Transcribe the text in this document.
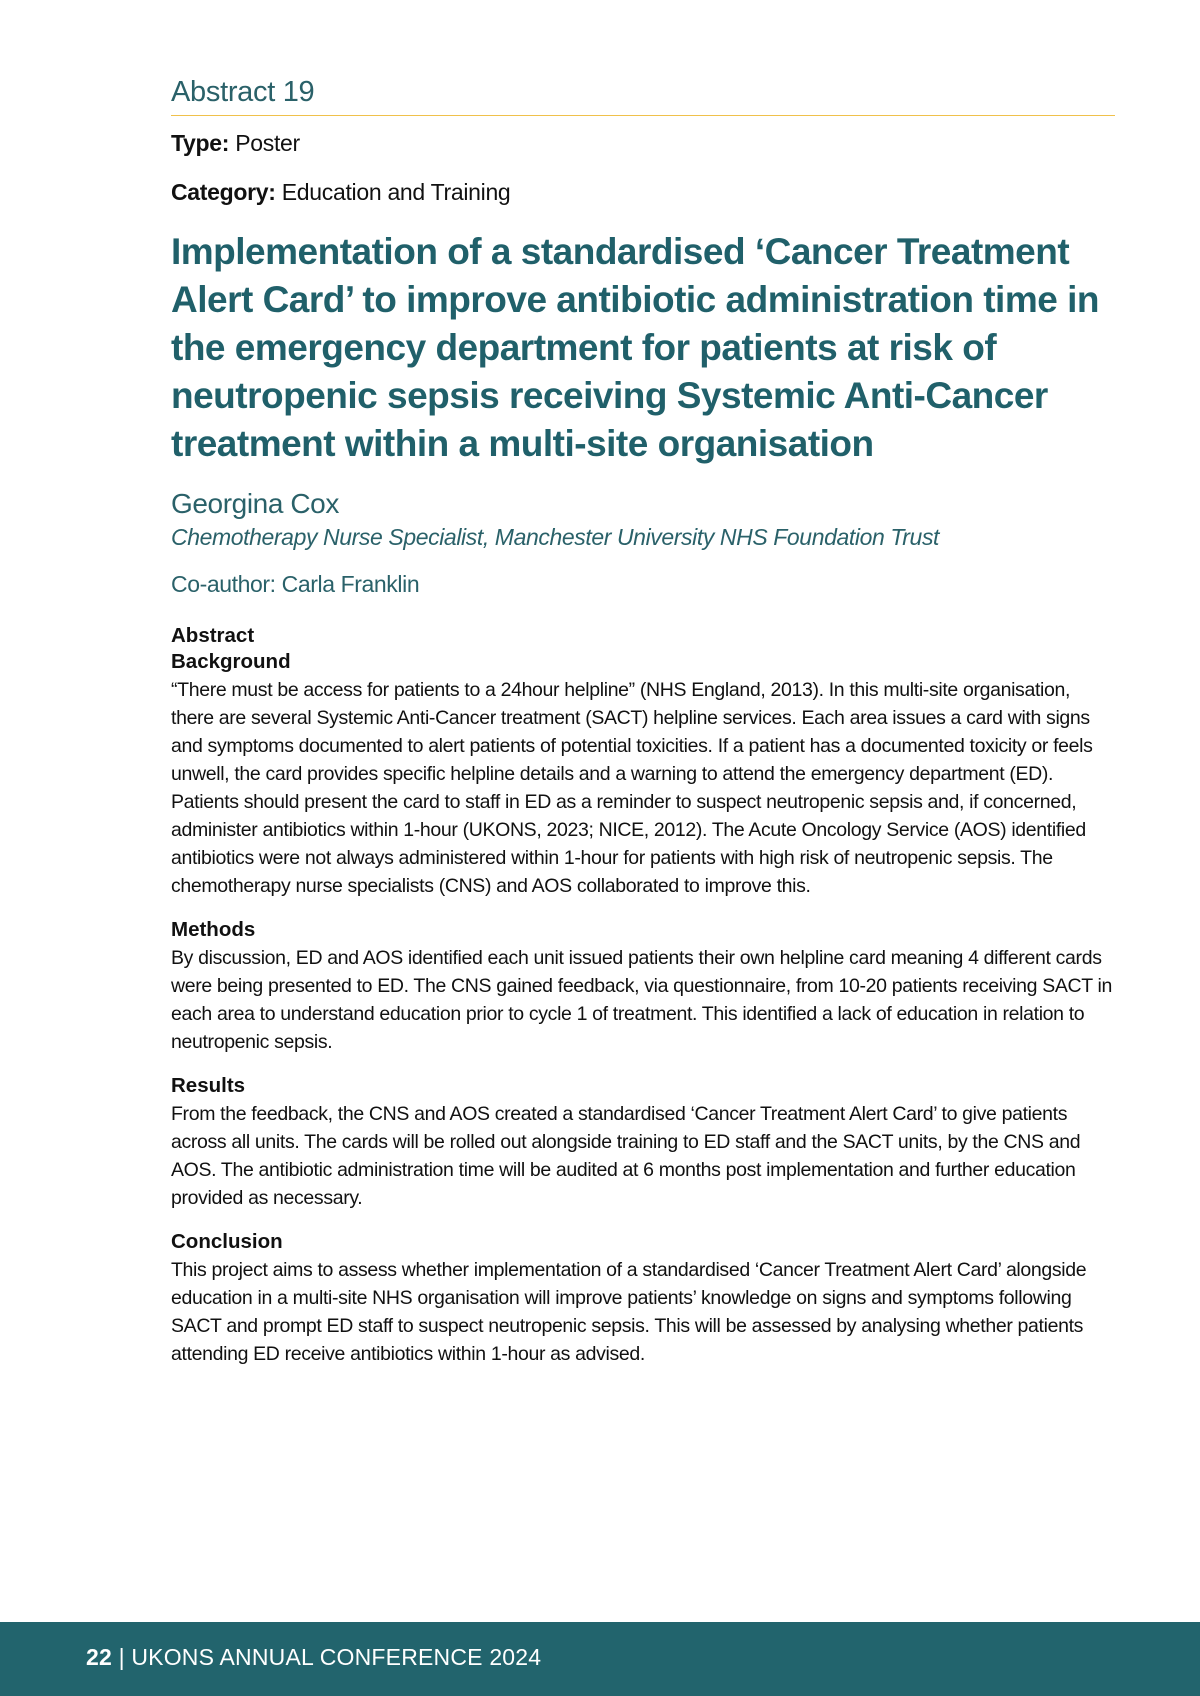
Abstract 19
Type: Poster
Category: Education and Training
Implementation of a standardised ‘Cancer Treatment Alert Card’ to improve antibiotic administration time in the emergency department for patients at risk of neutropenic sepsis receiving Systemic Anti-Cancer treatment within a multi-site organisation
Georgina Cox
Chemotherapy Nurse Specialist, Manchester University NHS Foundation Trust
Co-author: Carla Franklin
Abstract
Background
“There must be access for patients to a 24hour helpline” (NHS England, 2013). In this multi-site organisation, there are several Systemic Anti-Cancer treatment (SACT) helpline services. Each area issues a card with signs and symptoms documented to alert patients of potential toxicities. If a patient has a documented toxicity or feels unwell, the card provides specific helpline details and a warning to attend the emergency department (ED). Patients should present the card to staff in ED as a reminder to suspect neutropenic sepsis and, if concerned, administer antibiotics within 1-hour (UKONS, 2023; NICE, 2012). The Acute Oncology Service (AOS) identified antibiotics were not always administered within 1-hour for patients with high risk of neutropenic sepsis. The chemotherapy nurse specialists (CNS) and AOS collaborated to improve this.
Methods
By discussion, ED and AOS identified each unit issued patients their own helpline card meaning 4 different cards were being presented to ED. The CNS gained feedback, via questionnaire, from 10-20 patients receiving SACT in each area to understand education prior to cycle 1 of treatment. This identified a lack of education in relation to neutropenic sepsis.
Results
From the feedback, the CNS and AOS created a standardised ‘Cancer Treatment Alert Card’ to give patients across all units. The cards will be rolled out alongside training to ED staff and the SACT units, by the CNS and AOS. The antibiotic administration time will be audited at 6 months post implementation and further education provided as necessary.
Conclusion
This project aims to assess whether implementation of a standardised ‘Cancer Treatment Alert Card’ alongside education in a multi-site NHS organisation will improve patients’ knowledge on signs and symptoms following SACT and prompt ED staff to suspect neutropenic sepsis. This will be assessed by analysing whether patients attending ED receive antibiotics within 1-hour as advised.
22 | UKONS ANNUAL CONFERENCE 2024
